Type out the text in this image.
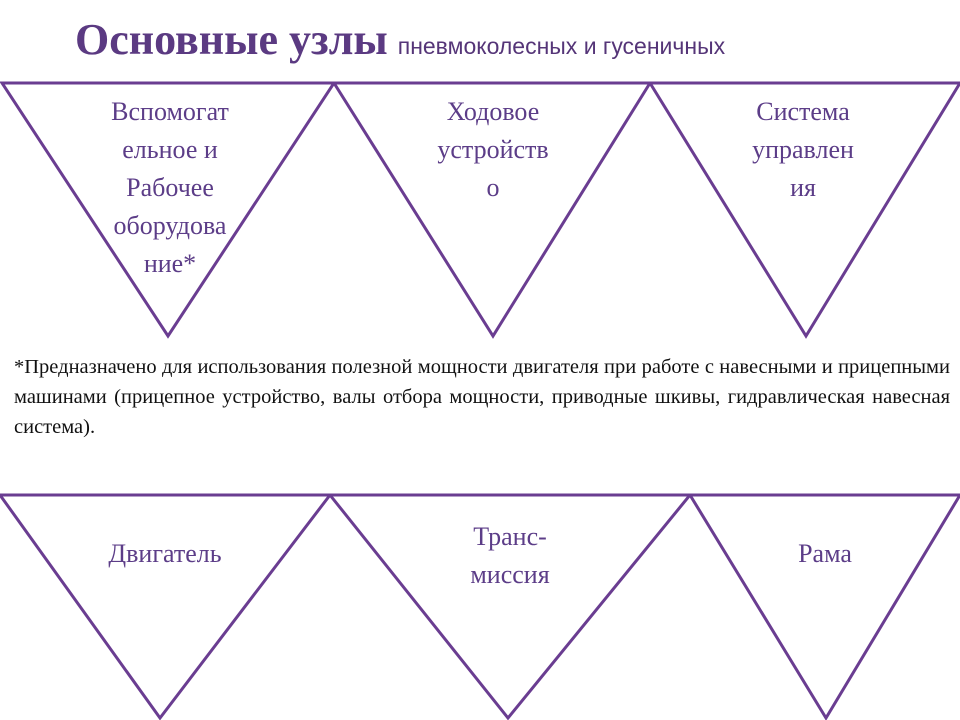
Основные узлы пневмоколесных и гусеничных
Вспомогат
ельное и
Рабочее
оборудова
ние*
Ходовое
устройств
о
Система
управлен
ия
*Предназначено для использования полезной мощности двигателя при работе с навесными и прицепными машинами (прицепное устройство, валы отбора мощности, приводные шкивы, гидравлическая навесная система).
Двигатель
Транс-
миссия
Рама
